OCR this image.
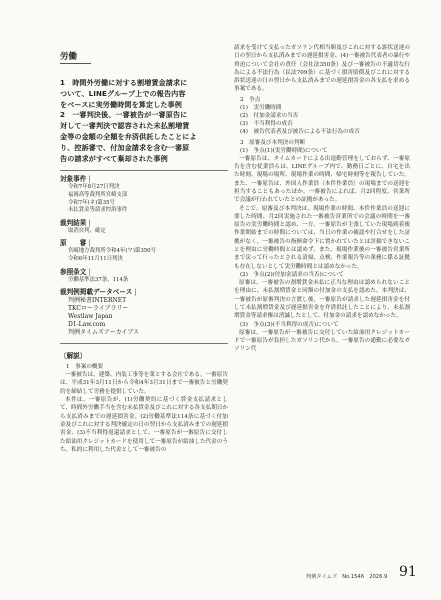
労働
1　時間外労働に対する割増賃金請求に
ついて、LINEグループ上での報告内容
をベースに実労働時間を算定した事例
2　一審判決後、一審被告が一審原告に
対して一審判決で認容された未払割増賃
金等の金額の全額を弁済供託したことによ
り、控訴審で、付加金請求を含む一審原
告の請求がすべて棄却された事例
対象事件 |
令和7年8月27日判決
福岡高等裁判所宮崎支部
令和7年(ネ)第35号
未払賃金等請求控訴事件
裁判結果 |
取消自判、確定
原　　審 |
宮崎地方裁判所令和4年(ワ)第350号
令和6年11月11日判決
参照条文 |
労働基準法37条、114条
裁判例掲載データベース |
判例秘書INTERNET
TKCローライブラリー
Westlaw Japan
D1-Law.com
判例タイムズアーカイブス
〔解説〕
1　事案の概要

一審被告は、建築、内装工事等を業とする会社である。一審原告は、平成31年3月11日から令和4年3月31日まで一審被告と労働契約を締結して労務を提供していた。

本件は、一審原告が、(1)労働契約に基づく賃金支払請求として、時間外労働手当を含む未払賃金及びこれに対する各支払期日から支払済みまでの遅延損害金、(2)労働基準法114条に基づく付加金及びこれに対する判決確定の日の翌日から支払済みまでの遅延損害金、(3)不当利得返還請求として、一審原告が一審原告に交付した給油用クレジットカードを使用して一審原告が給油した代金のうち、私的に利用した代金として一審被告の

請求を受けて支払ったガソリン代相当額及びこれに対する訴状送達の日の翌日から支払済みまでの遅延損害金、(4)一審被告代表者の暴行や脅迫について会社の責任（会社法350条）及び一審被告の不適切な行為による不法行為（民法709条）に基づく損害賠償及びこれに対する訴状送達の日の翌日から支払済みまでの遅延損害金の各支払を求める事案である。

2　争点
(1)　実労働時間
(2)　付加金請求の当否
(3)　不当利得の成否
(4)　被告代表者及び被告による不法行為の成否
3　原審及び本判決の判断
(1)　争点(1)(実労働時間)について

一審原告は、タイムカードによる出退勤管理をしておらず、一審原告を含む従業員らは、LINEグループ内で、勤務日ごとに、自宅を出た時刻、現場の場所、現場作業の時間、帰宅時刻等を報告していた。また、一審原告は、外国人作業員（本件作業員）の現場までの送迎を担当することもあったほか、一審被告によれば、月2回程度、営業所で会議が行われていたとの証拠があった。

そこで、原審及び本判決は、現場作業の時間、本件作業員の送迎に要した時間、月2回実施された一審被告営業所での会議の時間を一審原告の実労働時間と認め、一方、一審原告が主張していた現場到着後作業開始までの時間については、当日の作業の確認や打合せをした証拠がなく、一審被告の指揮命令下に置かれていたとは評価できないことを理由に労働時間とは認めず、また、現場作業後の一審被告営業所まで戻って行ったとされる清掃、点検、作業報告等の業務に係る証拠も存在しないとして実労働時間とは認めなかった。

(2)　争点(2)(付加金請求の当否)について

原審は、一審被告の割増賃金未払に正当な理由は認められないことを理由に、未払割増賃金と同額の付加金の支払を認めた。本判決は、一審被告が原審判決の言渡し後、一審原告が請求した遅延損害金を付して未払割増賃金及び遅延損害金を弁済供託したことにより、未払割増賃金等請求権は消滅したとして、付加金の請求を認めなかった。

(3)　争点(3)(不当利得の成否)について

原審は、一審原告が一審被告に交付していた給油用クレジットカードで一審原告が負担したガソリン代から、一審原告の通勤に必要なガソリン代

判例タイムズ　No.1546　2026.9 91
